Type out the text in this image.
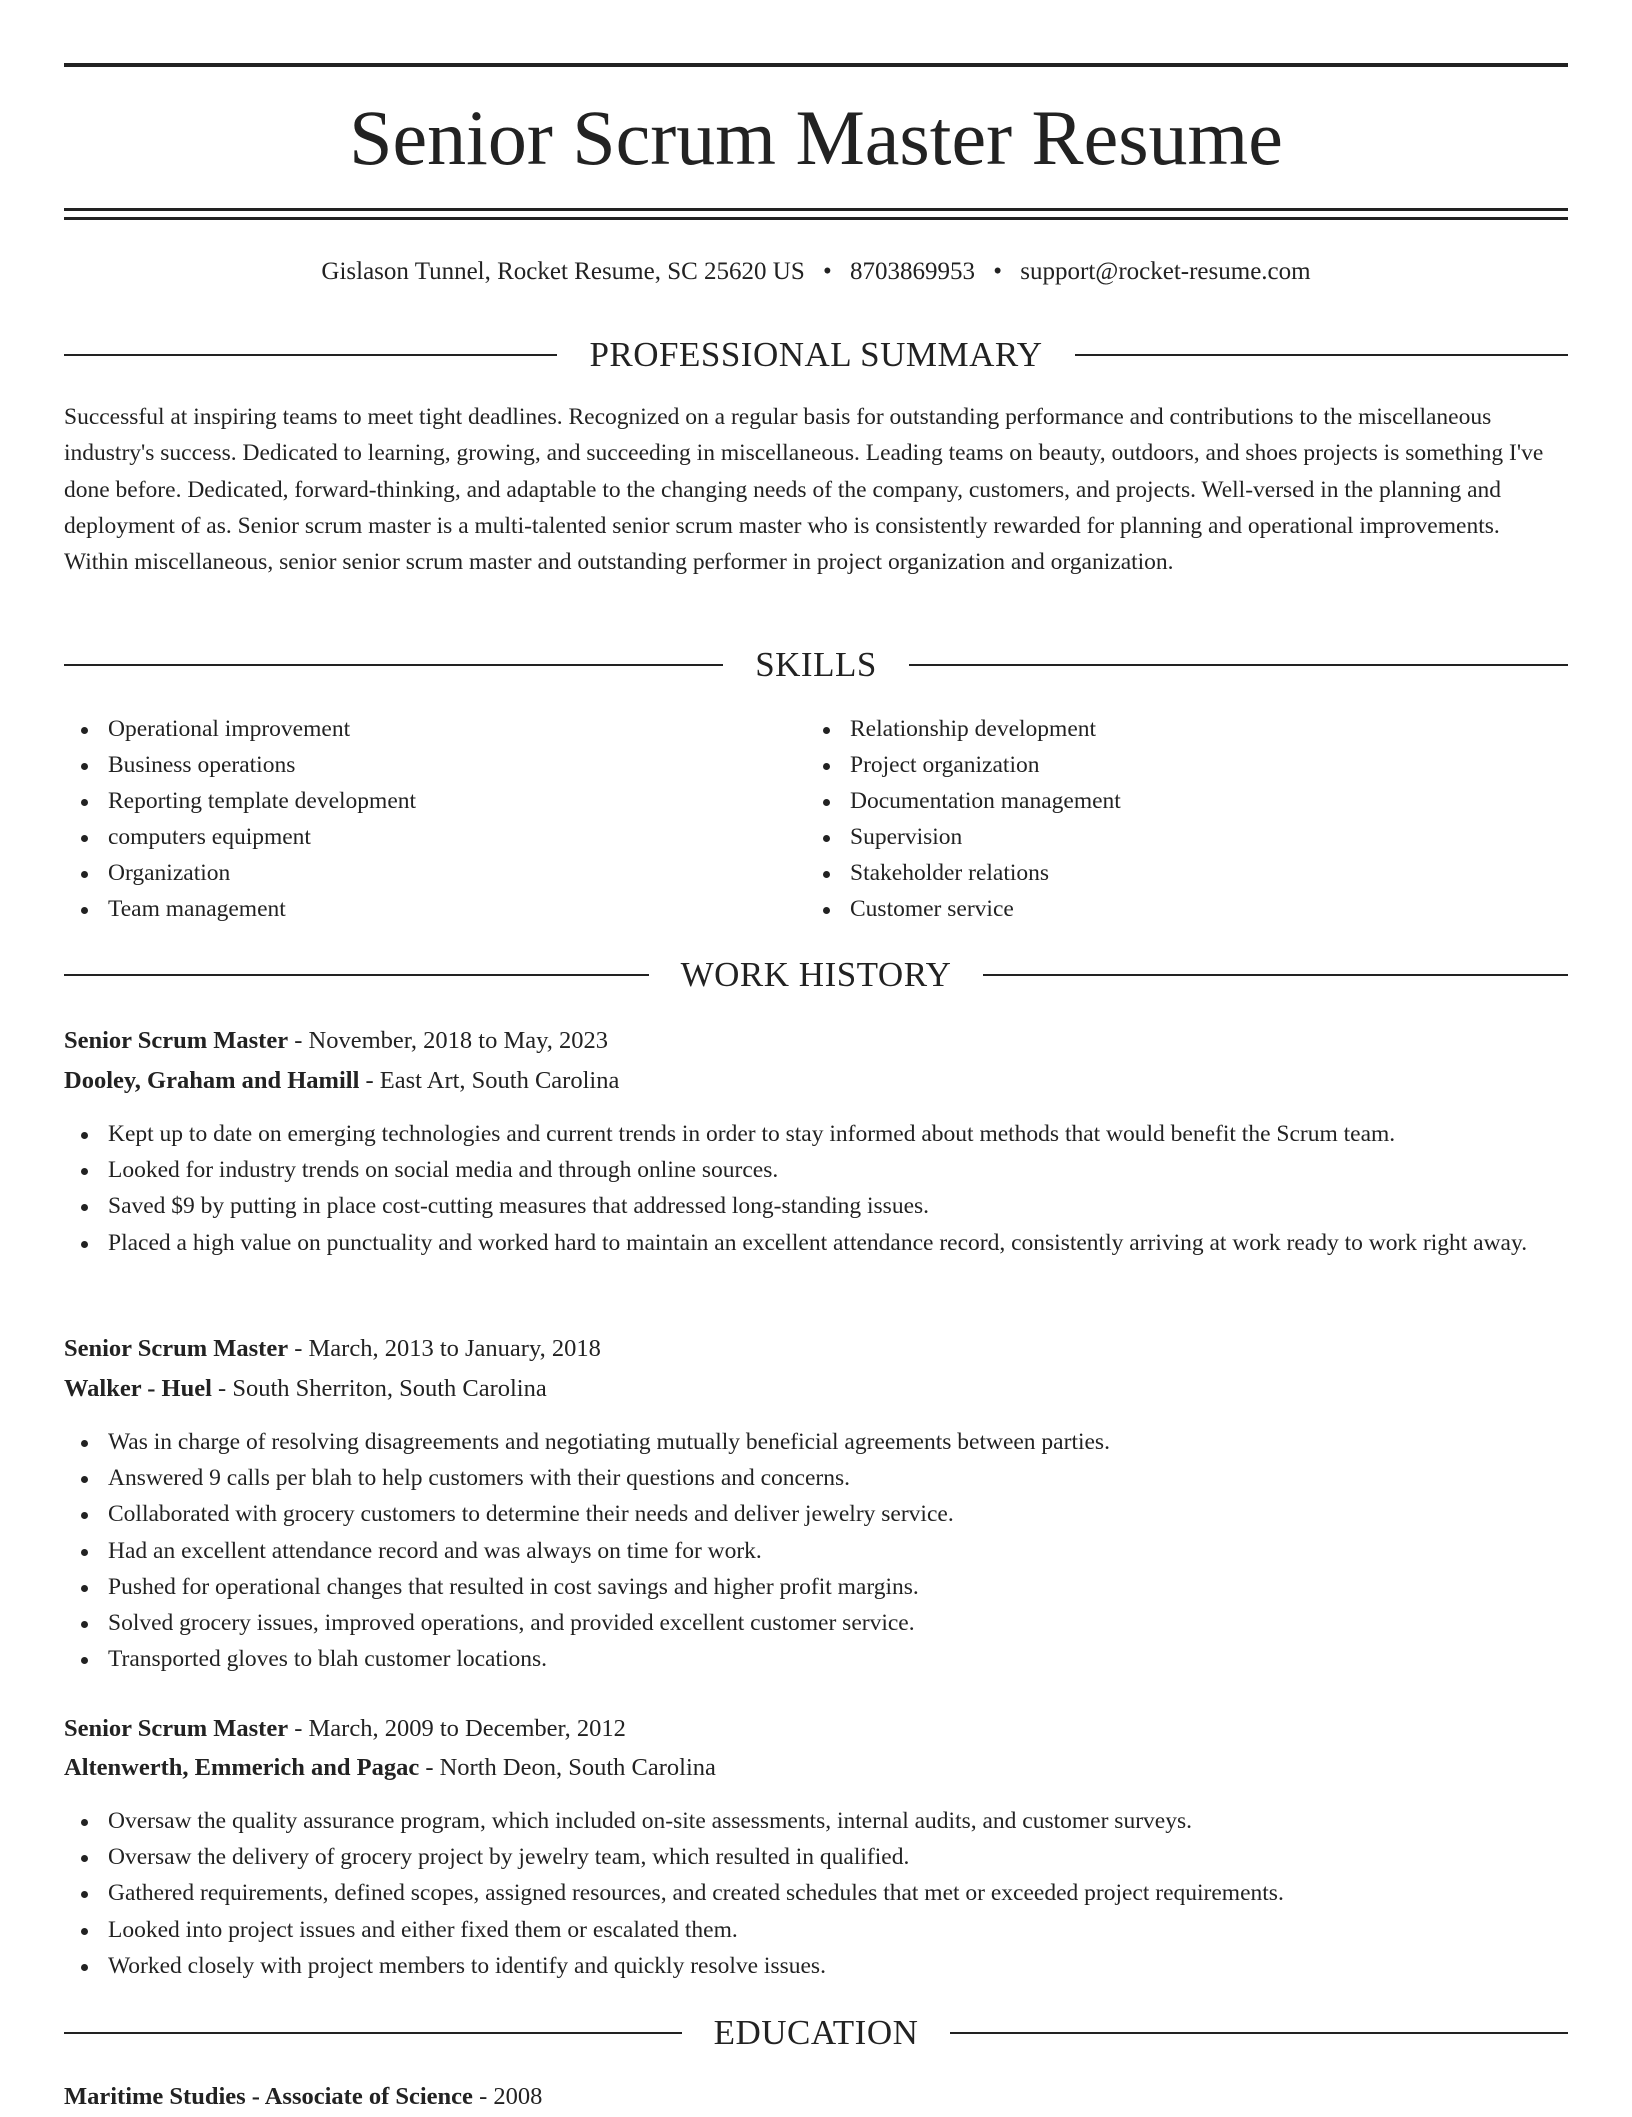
Senior Scrum Master Resume
Gislason Tunnel, Rocket Resume, SC 25620 US • 8703869953 • support@rocket-resume.com
PROFESSIONAL SUMMARY

Successful at inspiring teams to meet tight deadlines. Recognized on a regular basis for outstanding performance and contributions to the miscellaneous industry's success. Dedicated to learning, growing, and succeeding in miscellaneous. Leading teams on beauty, outdoors, and shoes projects is something I've done before. Dedicated, forward-thinking, and adaptable to the changing needs of the company, customers, and projects. Well-versed in the planning and deployment of as. Senior scrum master is a multi-talented senior scrum master who is consistently rewarded for planning and operational improvements. Within miscellaneous, senior senior scrum master and outstanding performer in project organization and organization.

SKILLS
Operational improvement
Business operations
Reporting template development
computers equipment
Organization
Team management
Relationship development
Project organization
Documentation management
Supervision
Stakeholder relations
Customer service
WORK HISTORY
Senior Scrum Master - November, 2018 to May, 2023
Dooley, Graham and Hamill - East Art, South Carolina
Kept up to date on emerging technologies and current trends in order to stay informed about methods that would benefit the Scrum team.
Looked for industry trends on social media and through online sources.
Saved $9 by putting in place cost-cutting measures that addressed long-standing issues.
Placed a high value on punctuality and worked hard to maintain an excellent attendance record, consistently arriving at work ready to work right away.
Senior Scrum Master - March, 2013 to January, 2018
Walker - Huel - South Sherriton, South Carolina
Was in charge of resolving disagreements and negotiating mutually beneficial agreements between parties.
Answered 9 calls per blah to help customers with their questions and concerns.
Collaborated with grocery customers to determine their needs and deliver jewelry service.
Had an excellent attendance record and was always on time for work.
Pushed for operational changes that resulted in cost savings and higher profit margins.
Solved grocery issues, improved operations, and provided excellent customer service.
Transported gloves to blah customer locations.
Senior Scrum Master - March, 2009 to December, 2012
Altenwerth, Emmerich and Pagac - North Deon, South Carolina
Oversaw the quality assurance program, which included on-site assessments, internal audits, and customer surveys.
Oversaw the delivery of grocery project by jewelry team, which resulted in qualified.
Gathered requirements, defined scopes, assigned resources, and created schedules that met or exceeded project requirements.
Looked into project issues and either fixed them or escalated them.
Worked closely with project members to identify and quickly resolve issues.
EDUCATION
Maritime Studies - Associate of Science - 2008
